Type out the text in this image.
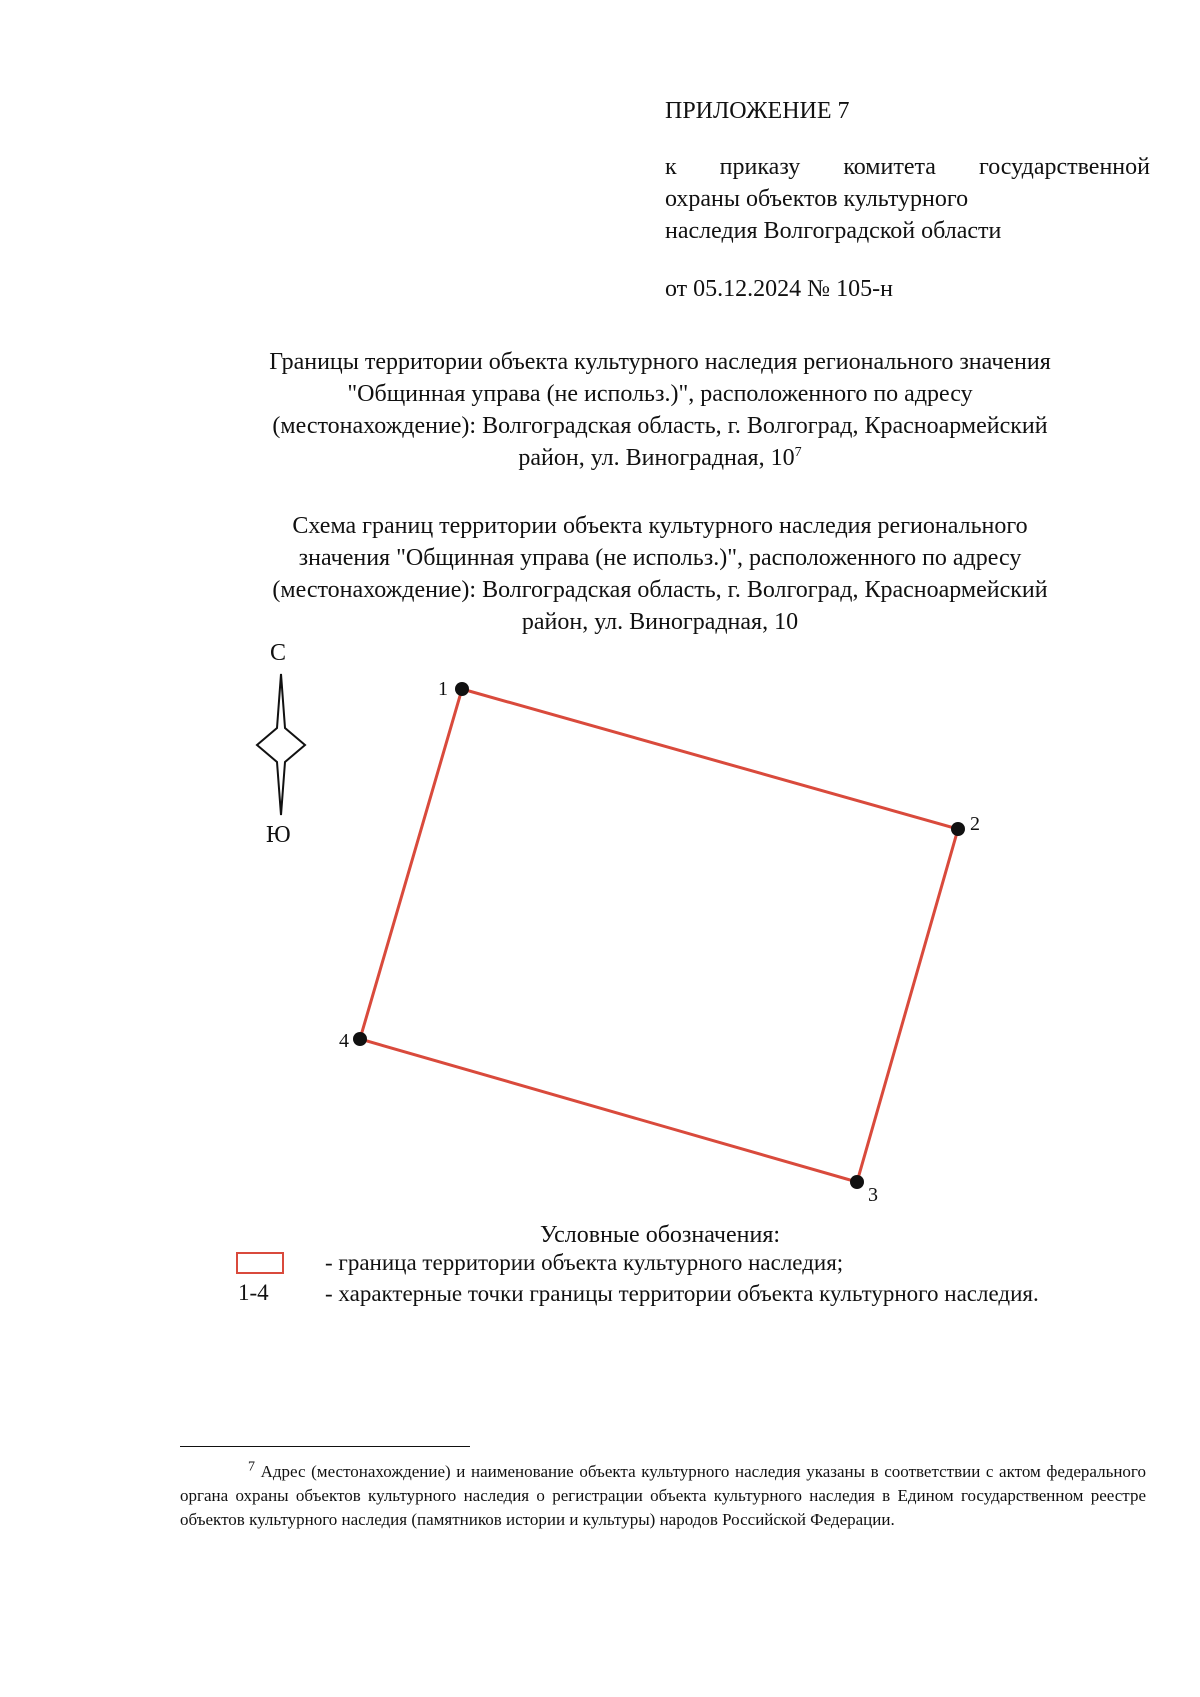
ПРИЛОЖЕНИЕ 7

к приказу комитета государственной
охраны объектов культурного
наследия Волгоградской области

от 05.12.2024 № 105-н

Границы территории объекта культурного наследия регионального значения
"Общинная управа (не использ.)", расположенного по адресу
(местонахождение): Волгоградская область, г. Волгоград, Красноармейский
район, ул. Виноградная, $10^7$
Схема границ территории объекта культурного наследия регионального
значения "Общинная управа (не использ.)", расположенного по адресу
(местонахождение): Волгоградская область, г. Волгоград, Красноармейский
район, ул. Виноградная, 10
С
Ю
1
2
3
4
Условные обозначения:
- граница территории объекта культурного наследия;
1-4 - характерные точки границы территории объекта культурного наследия.
$^7$ Адрес (местонахождение) и наименование объекта культурного наследия указаны в соответствии с актом федерального органа охраны объектов культурного наследия о регистрации объекта культурного наследия в Едином государственном реестре объектов культурного наследия (памятников истории и культуры) народов Российской Федерации.
